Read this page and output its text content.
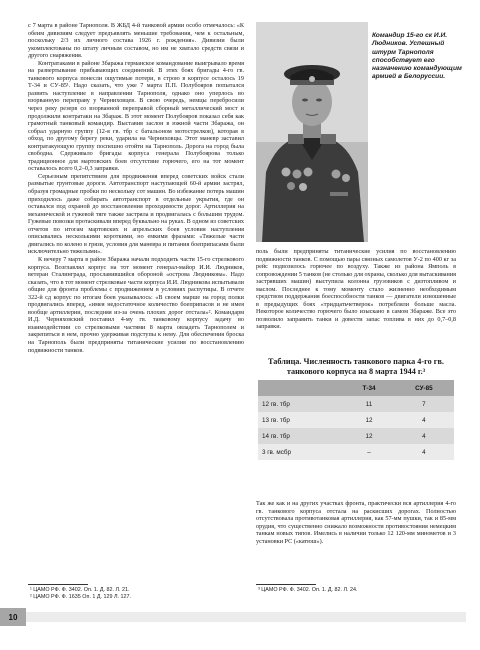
с 7 марта в районе Тарнополя. В ЖБД 4-й танковой армии особо отмечалось: «К обеим дивизиям следует предъявлять меньшие требования, чем к остальным, поскольку 2/3 их личного состава 1926 г. рождения». Дивизии были укомплектованы по штату личным составом, но им не хватало средств связи и другого снаряжения.

Контратаками в районе Збаража германское командование выигрывало время на развертывание прибывающих соединений. В этих боях бригады 4-го гв. танкового корпуса понесли ощутимые потери, в строю в корпусе осталось 19 Т-34 и СУ-85¹. Надо сказать, что уже 7 марта П.П. Полубояров попытался развить наступление в направлении Тарнополя, однако оно уперлось во взорванную переправу у Черниховцев. В свою очередь, немцы перебросили через реку резерв со взорванной переправой сборный металлический мост и продолжили контратаки на Збараж. В этот момент Полубояров показал себя как грамотный танковый командир. Выставив заслон в южной части Збаража, он собрал ударную группу (12-я гв. тбр с батальоном мотострелков), которая в обход, по другому берегу реки, ударила на Черниховцы. Этот маневр заставил контратакующую группу поспешно отойти на Тарнополь. Дорога на город была свободна. Сдерживало бригады корпуса генерала Полубоярова только традиционное для мартовских боев отсутствие горючего, его на тот момент оставалось всего 0,2–0,3 заправки.

Серьезным препятствием для продвижения вперед советских войск стали размытые грунтовые дороги. Автотранспорт наступающей 60-й армии застрял, образуя громадные пробки по нескольку сот машин. Во избежание потерь машин приходилось даже собирать автотранспорт в отдельные укрытия, где он оставался под охраной до восстановления проходимости дорог. Артиллерия на механической и гужевой тяге также застряла и продвигалась с большим трудом. Гужевые повозки протаскивали вперед буквально на руках. В одном из советских отчетов по итогам мартовских и апрельских боев условия наступления описывались несколькими короткими, но емкими фразами: «Тяжелые части двигались по колено в грязи, условия для маневра и питания боеприпасами были исключительно тяжелыми».

К вечеру 7 марта в район Збаража начали подходить части 15-го стрелкового корпуса. Возглавлял корпус на тот момент генерал-майор И.И. Людников, ветеран Сталинграда, прославившийся обороной «острова Людникова». Надо сказать, что в тот момент стрелковые части корпуса И.И. Людникова испытывали общие для фронта проблемы с продвижением в условиях распутицы. В отчете 322-й сд корпус по итогам боев указывалось: «В своем марше на город полки продвигались вперед, «имея недостаточное количество боеприпасов и не имея вообще артиллерии, последняя из-за очень плохих дорог отстала»². Командарм И.Д. Черняховский поставил 4-му гв. танковому корпусу задачу во взаимодействии со стрелковыми частями 8 марта овладеть Тарнополем и закрепиться в нем, прочно удерживая подступы к нему. Для обеспечения броска на Тарнополь были предприняты титанические усилия по восстановлению подвижности танков.

Командир 15-го ск И.И. Людников. Успешный штурм Тарнополя способствует его назначению командующим армией в Белоруссии.

поль были предприняты титанические усилия по восстановлению подвижности танков. С помощью пары связных самолетов У-2 по 400 кг за рейс подвозилось горючее по воздуху. Также из района Ямполь в сопровождении 5 танков (не столько для охраны, сколько для вытаскивания застрявших машин) выступила колонна грузовиков с дизтопливом и маслом. Последнее к тому моменту стало жизненно необходимым средством поддержания боеспособности танков — двигатели изношенные в предыдущих боях «тридцатьчетверок» потребляли больше масла. Некоторое количество горючего было изыскано в самом Збараже. Все это позволило заправить танки и довести запас топлива в них до 0,7–0,8 заправки.

Таблица. Численность танкового парка 4-го гв. танкового корпуса на 8 марта 1944 г.³
	Т-34	СУ-85
12 гв. тбр	11	7
13 гв. тбр	12	4
14 гв. тбр	12	4
3 гв. мсбр	–	4

Так же как и на других участках фронта, практически вся артиллерия 4-го гв. танкового корпуса отстала на раскисших дорогах. Полностью отсутствовала противотанковая артиллерия, как 57-мм пушки, так и 85-мм орудия, что существенно снижало возможности противостояния немецким танкам новых типов. Имелись в наличии только 12 120-мм минометов и 3 установки РС («катюш»).

¹ ЦАМО РФ. Ф. 3402. Оп. 1. Д. 82. Л. 21.
² ЦАМО РФ. Ф. 1635 Оп. 1 Д. 129 Л. 127.
³ ЦАМО РФ. Ф. 3402. Оп. 1. Д. 82. Л. 24.
10
